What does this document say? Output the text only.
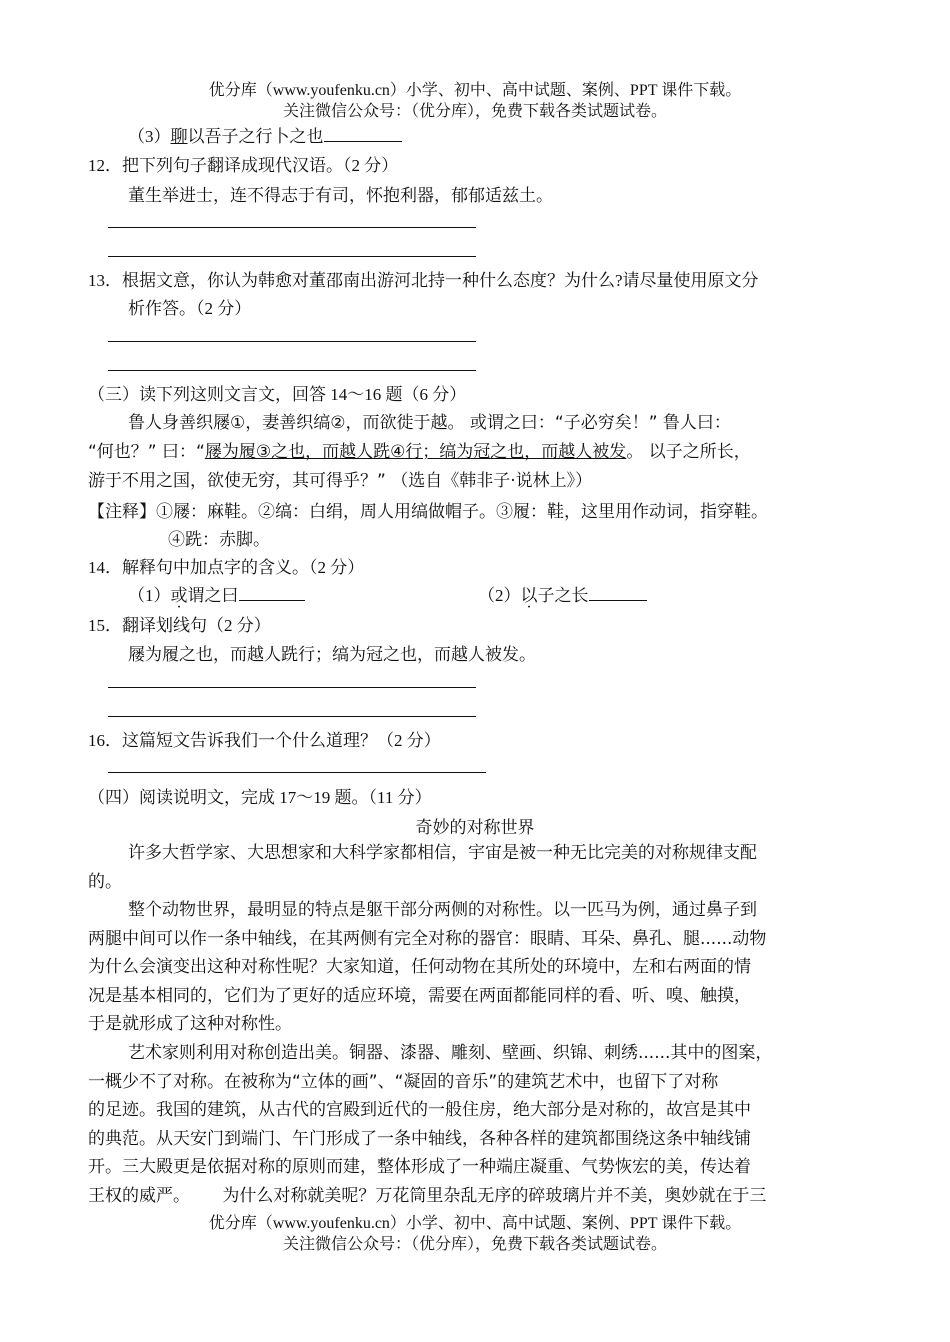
优分库（www.youfenku.cn）小学、初中、高中试题、案例、PPT 课件下载。
关注微信公众号：（优分库），免费下载各类试题试卷。
（3）聊以吾子之行卜之也
12．把下列句子翻译成现代汉语。（2 分）
董生举进士，连不得志于有司，怀抱利器，郁郁适兹土。
13．根据文意，你认为韩愈对董邵南出游河北持一种什么态度？为什么?请尽量使用原文分
析作答。（2 分）
（三）读下列这则文言文，回答 14～16 题（6 分）
鲁人身善织屦①，妻善织缟②，而欲徙于越。 或谓之曰：“子必穷矣！” 鲁人曰：
“何也？” 曰：“屦为履③之也，而越人跣④行；缟为冠之也，而越人被发。 以子之所长，
游于不用之国，欲使无穷，其可得乎？” （选自《韩非子·说林上》）
【注释】①屦：麻鞋。②缟：白绢，周人用缟做帽子。③履：鞋，这里用作动词，指穿鞋。
④跣：赤脚。
14．解释句中加点字的含义。（2 分）
（1）或谓之曰	（2）以子之长
15．翻译划线句（2 分）
屦为履之也，而越人跣行；缟为冠之也，而越人被发。
16．这篇短文告诉我们一个什么道理？（2 分）
（四）阅读说明文，完成 17～19 题。（11 分）
奇妙的对称世界
许多大哲学家、大思想家和大科学家都相信，宇宙是被一种无比完美的对称规律支配
的。
整个动物世界，最明显的特点是躯干部分两侧的对称性。以一匹马为例，通过鼻子到
两腿中间可以作一条中轴线，在其两侧有完全对称的器官：眼睛、耳朵、鼻孔、腿......动物
为什么会演变出这种对称性呢？大家知道，任何动物在其所处的环境中，左和右两面的情
况是基本相同的，它们为了更好的适应环境，需要在两面都能同样的看、听、嗅、触摸，
于是就形成了这种对称性。
艺术家则利用对称创造出美。铜器、漆器、雕刻、壁画、织锦、刺绣......其中的图案，
一概少不了对称。在被称为“立体的画”、“凝固的音乐”的建筑艺术中，也留下了对称
的足迹。我国的建筑，从古代的宫殿到近代的一般住房，绝大部分是对称的，故宫是其中
的典范。从天安门到端门、午门形成了一条中轴线，各种各样的建筑都围绕这条中轴线铺
开。三大殿更是依据对称的原则而建，整体形成了一种端庄凝重、气势恢宏的美，传达着
王权的威严。      为什么对称就美呢？万花筒里杂乱无序的碎玻璃片并不美，奥妙就在于三
优分库（www.youfenku.cn）小学、初中、高中试题、案例、PPT 课件下载。
关注微信公众号：（优分库），免费下载各类试题试卷。
